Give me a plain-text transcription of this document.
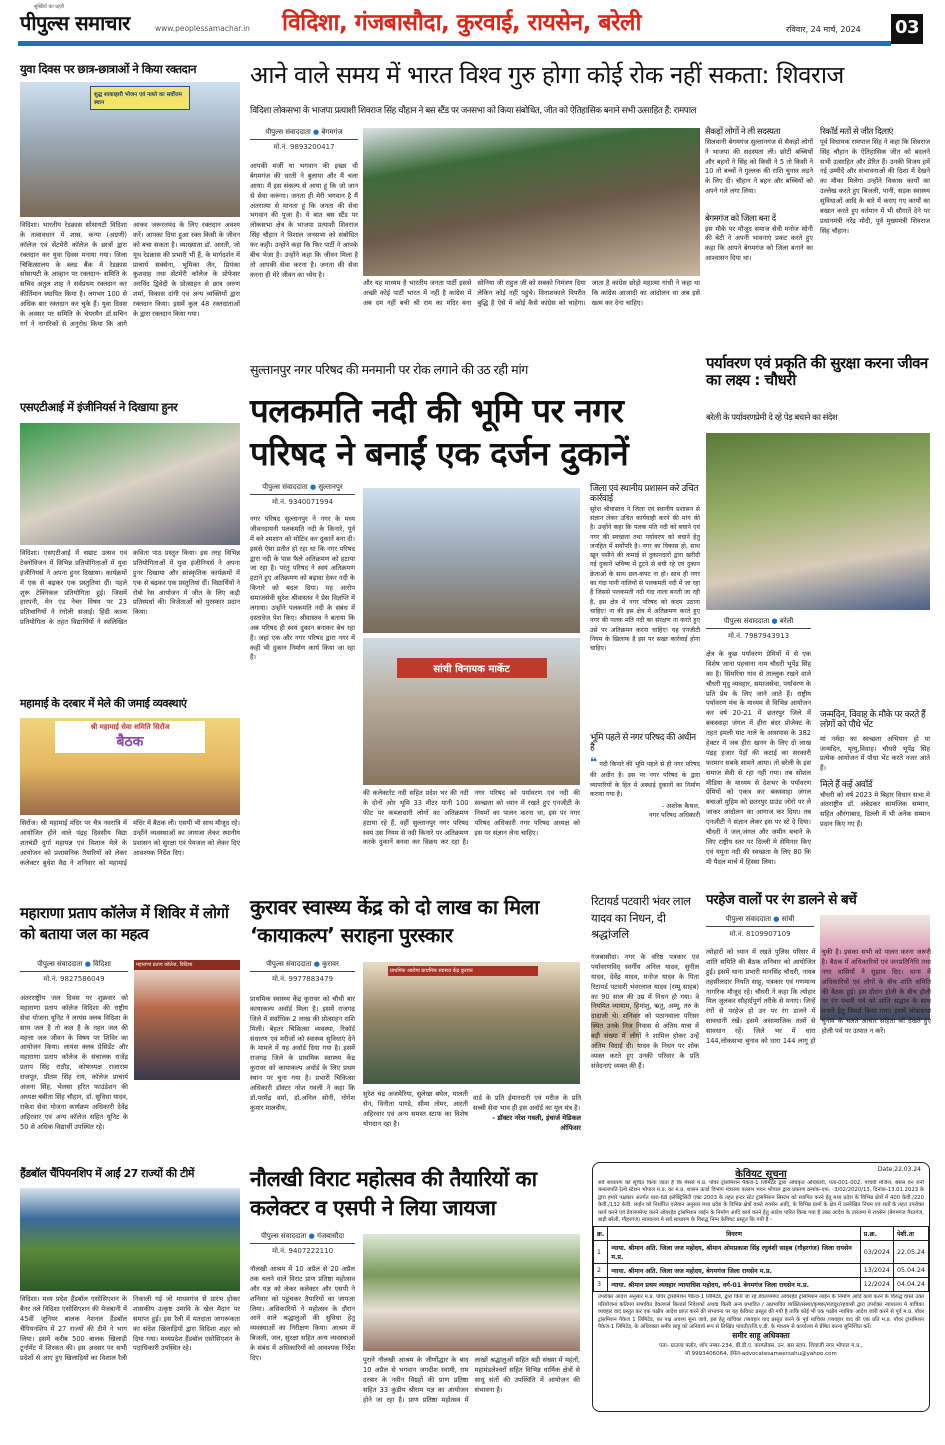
सुर्खियों का प्रहरी
पीपुल्स समाचार	www.peoplessamachar.in विदिशा, गंजबासौदा, कुरवाई, रायसेन, बरेली	रविवार, 24 मार्च, 2024 03
युवा दिवस पर छात्र-छात्राओं ने किया रक्तदान
शुद्ध शाकाहारी भोजन एवं नाश्ते का सर्वोत्तम स्थान
विदिशा। भारतीय रेडक्रास सोसायटी विदिशा के तत्वावधान में शास. कन्या (अग्रणी) कॉलेज एवं सेंटमेरी कॉलेज के छात्रों द्वारा रक्तदान कर युवा दिवस मनाया गया। जिला चिकित्सालय के ब्लड बैंक में रेडक्रास सोसायटी के आव्हान पर रक्तदान- समिति के सचिव अतुल शाह ने सर्वप्रथम रक्तदान कर कीर्तिमान स्थापित किया है। लगभग 100 से अधिक बार रक्तदान कर चुके हैं। युवा दिवस के अवसर पर समिति के चेयरमैन डॉ.सचिन गर्ग ने नागरिकों से अनुरोध किया कि आगे आकर जरूरतमंद के लिए रक्तदान अवश्य करें। आपका दिया हुआ रक्त किसी के जीवन को बचा सकता है। व्याख्याता डॉ. आरती, जो यूथ रेडक्रास की प्रभारी भी हैं, के मार्गदर्शन में प्राचार्य सक्सेना, भूमिका जैन, प्रियंका कुशवाह तथा सेंटमेरी कॉलेज के प्रोफेसर अरविंद द्विवेदी के प्रोत्साहन से छात्र अरुण शर्मा, विकास दांगी एवं अन्य व्यक्तियों द्वारा रक्तदान किया। इसमें कुल 48 रक्तदाताओं के द्वारा रक्तदान किया गया।
एसएटीआई में इंजीनियर्स ने दिखाया हुनर
विदिशा। एसएटीआई में सम्राट उत्सव एवं टेक्नोविजन में विभिन्न प्रतियोगिताओं में युवा इंजीनियर्स ने अपना हुनर दिखाया। कार्यक्रमों में एक से बढ़कर एक प्रस्तुतियां दीं। पहले शुरू टेक्निकल प्रतियोगिता हुई। जिसमें हारपनी, मेन एंड नेचर विषय पर 23 प्रतिभागियों ने रंगोली सजाई। हिंदी काव्य प्रतियोगिता के तहत विद्यार्थियों ने स्वलिखित कविता पाठ प्रस्तुत किया। इस तरह विभिन्न प्रतियोगिताओं में युवा इंजीनियर्स ने अपना हुनर दिखाया और सांस्कृतिक कार्यक्रमों में एक से बढ़कर एक प्रस्तुतियां दीं। विद्यार्थियों ने रोबो रेस आयोजन में जीत के लिए कड़ी प्रतिस्पर्धा की। विजेताओं को पुरस्कार प्रदान किया।
महामाई के दरबार में मेले की जमाई व्यवस्थाएं
श्री महामाई सेवा समिति सिरोंज
बैठक
सिरोंज। श्री महामाई मंदिर पर चैत्र नवरात्रि में आयोजित होने वाले पंद्रह दिवसीय विद्या शतचंडी दुर्गा महायज्ञ एवं विशाल मेले के आयोजन को प्रशासनिक तैयारियों को लेकर कलेक्टर बुधेश वैद्य ने शनिवार को महामाई मंदिर में बैठक ली। एसपी भी साथ मौजूद रहे। उन्होंने व्यवस्थाओं का जायजा लेकर स्थानीय प्रशासन को सुरक्षा एवं पेयजल को लेकर दिए आवश्यक निर्देश दिए।
आने वाले समय में भारत विश्व गुरु होगा कोई रोक नहीं सकता: शिवराज
विदिशा लोकसभा के भाजपा प्रत्याशी शिवराज सिंह चौहान ने बस स्टैंड पर जनसभा को किया संबोधित, जीत को ऐतिहासिक बनाने सभी उत्साहित हैं: रामपाल
पीपुल्स संवाददाता ● बेगमगंज
मो.नं. 9893200417
आपकी मर्जी या भगवान की इच्छा थी बेगमगंज की धरती ने बुलाया और मैं चला आया। मैं इस संकल्प से आया हूं कि जो जान से सेवा करूंगा। जनता ही मेरी भगवान है मैं अंतरात्मा से मानता हूं कि जनता की सेवा भगवान की पूजा है। ये बात बस स्टैंड पर लोकसभा क्षेत्र के भाजपा प्रत्याशी शिवराज सिंह चौहान ने विशाल जनसभा को संबोधित कर कही। उन्होंने कहा कि फिर पार्टी ने आपके बीच भेजा है। उन्होंने कहा कि जीवन मिला है तो आपकी सेवा करना है। जनता की सेवा करना ही मेरे जीवन का ध्येय है।
और यह माध्यम है भारतीय जनता पार्टी इससे अच्छी कोई पार्टी भारत में नहीं है कांग्रेस में अब दम नहीं बची श्री राम का मंदिर बना सोनिया जी राहुल जी को सबको निमंत्रण दिया लेकिन कोई नहीं पहुंचे। विनाशकाले विपरीत बुद्धि है ऐसे में कोई कैसे कांग्रेस को चाहेगा। जाता है कांग्रेस छोड़ो महात्मा गांधी ने कहा था कि कांग्रेस आजादी का आंदोलन था अब इसे खत्म कर देना चाहिए।
सैकड़ों लोगों ने ली सदस्यता
सिलवानी बेगमगंज सुल्तानगंज से सैकड़ों लोगों ने भाजपा की सदस्यता ली। छोटी बच्चियों और बहनों ने सिंह को किसी ने 5 तो किसी ने 10 तो बच्चों ने गुल्लक की राशि चुनाव लड़ने के लिए दी। चौहान ने बहन और बच्चियों को अपने गले लगा लिया।
बेगमगंज को जिला बना दें
इस मौके पर मौजूद समाज सेवी मनोज सोनी की बेटी ने अपनी भावनाएं प्रकट करते हुए कहा कि आपने बेगमगंज को जिला बनाने का आश्वासन दिया था।
रिकॉर्ड मतों से जीत दिलाएं
पूर्व विधायक रामपाल सिंह ने कहा कि शिवराज सिंह चौहान के ऐतिहासिक जीत को बदलने सभी उत्साहित और प्रेरित हैं। उनकी विजय हमें नई उम्मीदें और संभावनाओं की दिशा में देखने का मौका मिलेगा उन्होंने विकास कार्यों का उल्लेख करते हुए बिजली, पानी, सड़क स्वास्थ्य सुविधाओं आदि के बारे में कराए गए कार्यों का बखान करते हुए वर्तमान में भी सौगातें देने पर प्रधानमंत्री नरेंद्र मोदी, पूर्व मुख्यमंत्री शिवराज सिंह चौहान।
सुल्तानपुर नगर परिषद की मनमानी पर रोक लगाने की उठ रही मांग
पलकमति नदी की भूमि पर नगर परिषद ने बनाईं एक दर्जन दुकानें
पीपुल्स संवाददाता ● सुल्तानपुर
मो.नं. 9340071994
नगर परिषद सुल्तानपुर ने नगर के मध्य जीवनदायनी पलकमति नदी के किनारे, पूर्व में बने श्मशान को मोटिव कर दुकानें बना दी। इससे ऐसा प्रतीत हो रहा था कि नगर परिषद द्वारा नदी के पास फैले अतिक्रमण को हटाया जा रहा है। परंतु परिषद ने स्वयं अतिक्रमण हटाने हुए अतिक्रमण को बढ़ावा देकर नदी के किनारे को बदल दिया। यह आरोप समाजसेवी सुरेश श्रीवास्तव ने प्रेस विज्ञप्ति में लगाया। उन्होंने पलकमति नदी के संबंध में दस्तावेज पेश किए। श्रीवास्तव ने बताया कि अब परिषद ही स्वयं दुकान बनाकर बेच रहा है। जहां एक और नगर परिषद द्वारा नगर में कहीं भी दुकान निर्माण कार्य किया जा रहा है।
सांची विनायक मार्केट
की कलेक्टरेट नदी सहित प्रदेश भर की नदी के दोनों ओर भूमि 33 मीटर यानी 100 फीट पर कब्जाधारी लोगों का अतिक्रमण हटाया रहे हैं, वहीं सुल्तानपुर नगर परिषद स्वयं उस नियम से नदी किनारे पर अतिक्रमण करके दुकानें बनवा कर विक्रय कर रहा है। नगर परिषद को पर्यावरण एवं नदी की स्वच्छता को ध्यान में रखते हुए एनजीटी के नियमों का पालन करना था, इस पर नगर परिषद अधिकारी नगर परिषद अध्यक्ष को इस पर संज्ञान लेना चाहिए।
जिला एवं स्थानीय प्रशासन करे उचित कार्रवाई
सुरेश श्रीवास्तव ने जिला एवं स्थानीय प्रशासन से संज्ञान लेकर उचित कार्यवाही करने की मांग की है। उन्होंने कहा कि पलक मति नदी को बचाने एवं नगर की स्वच्छता तथा पर्यावरण को बचाने हेतु जनहित में सर्वोपरि है। नगर का विकास हो, साथ खून पसीने की कमाई से दुकानदारों द्वारा खरीदी गई दुकानें भविष्य में टूटने से बची रहे एवं दुकान क्रेताओं के साथ छल-कपट ना हो। साथ ही नगर का गंदा पानी नालियों से पलकमती नदी में जा रहा है जिससे पलकमती नदी गंदा नाला बनती जा रही है, इस क्षेत्र में नगर परिषद को कदम उठाना चाहिए! ना की इस क्षेत्र में अतिक्रमण करते हुए नगर की पलक मति नदी का संरक्षण ना करते हुए उसे पर अतिक्रमन करना चाहिए! यह एनजीटी नियम के खिलाफ है इस पर सख्त कार्रवाई होना चाहिए।
भूमि पहले से नगर परिषद की अधीन है
❝ नदी किनारे की भूमि पहले से ही नगर परिषद की अधीन है। इस पर नगर परिषद के द्वारा व्यापारियों के हित में अस्थाई दुकानों का निर्माण कराया गया है।
- अशोक कैथल,
नगर परिषद अधिकारी
पर्यावरण एवं प्रकृति की सुरक्षा करना जीवन का लक्ष्य : चौधरी
बरेली के पर्यावरणप्रेमी दे रहे पेड़ बचाने का संदेश
पीपुल्स संवाददाता ● बरेली
मो.नं. 7987943913
क्षेत्र के कुछ पर्यावरण प्रेमियों में से एक विशेष जाना पहचाना नाम चौधरी भूपेंद्र सिंह का है। सिमरिया गांव से ताल्लुक रखने वाले चौधरी मृदु व्यवहार, समाजसेवा, पर्यावरण के प्रति प्रेम के लिए जाने जाते हैं। राष्ट्रीय पर्यावरण मंच के माध्यम से विभिन्न आयोजन कर वर्ष 20-21 में छतरपुर जिले में बकस्वाहा जंगल में हीरा बंदर प्रोजेक्ट के तहत इमली घाट नाले के आसपास के 382 हेक्टर में जब हीरा खनन के लिए दो लाख पंद्रह हजार पेड़ों की कटाई का सरकारी फरमान सबके सामने आया। तो बरेली के इस समाज सेवी से रहा नहीं गया। तब सोशल मीडिया के माध्यम से देशभर के पर्यावरण प्रेमियों को एकत्र कर बकस्वाहा जंगल बचाओ मुहिम को छतरपुर ग्राउंड जोरो पर ले जाकर आंदोलन का आगाज कर दिया। तब एनजीटी ने संज्ञान लेकर इस पर स्टे दे दिया। चौधरी ने जल,जंगल और जमीन बचाने के लिए राष्ट्रीय स्तर पर दिल्ली मे सेमिनार किए एवं यमुना नदी की स्वच्छता के लिए 80 कि मी पैदल मार्च में हिस्सा लिया।
जन्मदिन, विवाह के मौके पर करते हैं लोगों को पौधे भेंट
मां नर्मदा का स्वच्छता अभियान हो या जन्मदिन, मृत्यु,विवाह। चौधरी भूपेंद्र सिंह प्रत्येक आयोजन में पौधा भेंट करते नजर आते हैं।
मिले हैं कई अवॉर्ड
चौधरी को वर्ष 2023 मे बिहार विधान सभा मे अंतराष्ट्रीय डॉ. अंबेडकर सामजिक सम्मान, सहित औरंगाबाद, दिल्ली में भी अनेक सम्मान प्रदान किए गए हैं।
महाराणा प्रताप कॉलेज में शिविर में लोगों को बताया जल का महत्व
पीपुल्स संवाददाता ● विदिशा
मो.नं. 9827586049
महाराणा प्रताप कॉलेज, विदिशा
अंतरराष्ट्रीय जल दिवस पर शुक्रवार को महाराणा प्रताप कॉलेज विदिशा की राष्ट्रीय सेवा योजना यूनिट ने लायंस क्लब विदिशा के साथ जल है तो कल है के तहत जल की महत्ता जल जीवन के विषय पर शिविर का आयोजन किया। लायंस क्लब प्रेसिडेंट और महाराणा प्रताप कॉलेज के संचालक राजेंद्र प्रताप सिंह राठौड़, कोषाध्यक्ष राजाराम राजपूत, प्रीतम सिंह राय, कॉलेज प्राचार्य अंजना सिंह, भेलसा हरित फाउंडेशन की अध्यक्ष बबीता सिंह चौहान, डॉ. सुविधा यादव, राकेश सेवा योजना कार्यक्रम अधिकारी देवेंद्र अहिरवार एवं अन्य कॉलेज सहित यूनिट के 50 से अधिक विद्यार्थी उपस्थित रहे।
कुरावर स्वास्थ्य केंद्र को दो लाख का मिला ‘कायाकल्प’ सराहना पुरस्कार
पीपुल्स संवाददाता ● कुरावर
मो.नं. 9977883479
प्राथमिक स्वास्थ्य केंद्र कुरावर को चौथी बार कायाकल्प अवॉर्ड मिला है। इसमें राजगढ़ जिले में सर्वाधिक 2 लाख की प्रोत्साहन राशि मिली। बेहतर चिकित्सा व्यवस्था, रिकॉर्ड संधारण एवं मरीजों को स्वास्थ्य सुविधाएं देने के मामले में यह अवॉर्ड दिया गया है। इसमें राजगढ़ जिले के प्राथमिक स्वास्थ्य केंद्र कुरावर को कायाकल्प अवॉर्ड के लिए प्रथम स्थान पर चुना गया है। प्रभारी चिकित्सा अधिकारी डॉक्टर नरेश गवली ने कहा कि डॉ.परमेंद्र वर्मा, डॉ.अनिल सोनी, योगेश कुमार मालवीय,
प्राथमिक आरोग्य प्राथमिक स्वास्थ्य केंद्र कुरावर
सुरेश चंद्र अजमेरिया, सुलेखा बघेल, मालती सेन, विनीता पाण्डे, सीमा तोमर, आरती अहिरवार एवं अन्य समस्त स्टाफ का विशेष योगदान रहा है।
वार्ड के प्रति ईमानदारी एवं मरीज के प्रति सच्ची सेवा भाव ही इस अवॉर्ड का मूल मंत्र है।
- डॉक्टर नरेश गवली, इंचार्ज मेडिकल ऑफिसर
रिटायर्ड पटवारी भंवर लाल यादव का निधन, दी श्रद्धांजलि
गंजबासौदा। नगर के वरिष्ठ पत्रकार एवं पर्यावरणविद् स्वर्गीय अनिल यादव, सुनील यादव, देवेंद्र यादव, मनोज यादव के पिता रिटायर्ड पटवारी भंवरलाल यादव (रम्मू साहब) का 90 साल की उम्र में निधन हो गया। वे नियमित व्यायाम, हिमांशु, ऋतु, अम्मू, तरु के दादाजी थे। शनिवार को पठानवाला परिसर स्थित उनके निज निवास से अंतिम यात्रा में बड़ी संख्या में लोगों ने शामिल होकर उन्हें अंतिम विदाई दी। यादव के निधन पर शोक व्यक्त करते हुए उनकी परिवार के प्रति संवेदनाएं व्यक्त की हैं।
परहेज वालों पर रंग डालने से बचें
पीपुल्स संवाददाता ● सांची
मो.नं. 8109907109
त्योहारों को ध्यान में रखते पुलिस परिसर में शांति समिति की बैठक शनिवार को आयोजित हुई। इसमें थाना प्रभारी मानसिंह चौधरी, नायब तहसीलदार नियति साहू, पत्रकार एवं गणमान्य नागरिक मौजूद रहे। चौधरी ने कहा कि त्योहार मिल जुलकर सौहार्दपूर्ण तरीके से मनाएं। जिन्हें रंगों से परहेज हो उन पर रंग डालने में सावधानी रखें। इसमें असामाजिक तत्वों से सावधान रहें। जिले भर में धारा 144,लोकसभा चुनाव को धारा 144 लागू हो चुकी है। इसका सभी को पालन करना जरूरी है। बैठक में अधिकारियों एवं जनप्रतिनिधि तथा नगर वासियों ने सुझाव दिए। थाना में अधिकारियों एवं लोगों के बीच शांति समिति की बैठक हुई। इस दौरान होली के बीच होली पर रंग पंचमी पर्व को शांति सद्भाव के साथ मनाने हेतु विमर्श किया गया। इसमें लोकसभा चुनाव के चलते आचार संहिता को देखते हुए होली पर्व पर उत्पात न करें।
हैंडबॉल चैंपियनशिप में आईं 27 राज्यों की टीमें
विदिशा। मध्य प्रदेश हैंडबॉल एसोसिएशन के बैनर तले विदिशा एसोसिएशन की मेजबानी में 45वीं जूनियर बालक नेशनल हैंडबॉल चैंपियनशिप में 27 राज्यों की टीमें ने भाग लिया। इसमें करीब 500 बालक खिलाड़ी टूर्नामेंट में शिरकत की। इस अवसर पर सभी प्रदेशों से आए हुए खिलाड़ियों का विशाल रैली निकाली गई जो माधवगंज से प्रारंभ होकर शासकीय उत्कृष्ट उमावि के खेल मैदान पर समाप्त हुई। इस रैली में मतदाता जागरूकता का संदेश खिलाड़ियों द्वारा विदिशा शहर को दिया गया। मध्यप्रदेश हैंडबॉल एसोसिएशन के पदाधिकारी उपस्थित रहे।
नौलखी विराट महोत्सव की तैयारियों का कलेक्टर व एसपी ने लिया जायजा
पीपुल्स संवाददाता ● गंजबासौदा
मो.नं. 9407222110
नौलखी आश्रम में 10 अप्रैल से 20 अप्रैल तक चलने वाले विराट प्राण प्रतिष्ठा महोत्सव और यज्ञ को लेकर कलेक्टर और एसपी ने शनिवार को पहुंचकर तैयारियों का जायजा लिया। अधिकारियों ने महोत्सव के दौरान आने वाले श्रद्धालुओं की सुविधा हेतु व्यवस्थाओं का निरीक्षण किया। आश्रम में बिजली, जल, सुरक्षा सहित अन्य व्यवस्थाओं के संबंध में अधिकारियों को आवश्यक निर्देश दिए।	पुराने नौलखी आश्रम के जीर्णोद्धार के बाद 10 अप्रैल से भगवान जगदीश स्वामी, राम दरबार के नवीन विग्रहों की प्राण प्रतिष्ठा सहित 33 कुंडीय श्रीराम यज्ञ का आयोजन होने जा रहा है। प्राण प्रतिष्ठा महोत्सव में लाखों श्रद्धालुओं सहित बड़ी संख्या में महंतों, महामंडलेश्वरों सहित विभिन्न धार्मिक क्षेत्रों से साधु संतों की उपस्थिति में आयोजन की संभावना है।
केवियट सूचना	Date:22.03.24
सर्व साधारण को सूचित किया जाता है कि मेसर्स म.प्र. पॉवर ट्रांसमिशन पैकेज-1 लिमिटेड द्वारा अधिकृत अधिकारी, पता-001-002, पांचवी मंजिल, बंसल वन रानी कमलापति रेल्वे स्टेशन भोपाल म.प्र. का म.प्र. शासन ऊर्जा विभाग मंत्रालय वल्लभ भवन भोपाल द्वारा प्रकरण क्रमांक-एफ. -3/02/2020/13, दिनांक-13.01.2023 के द्वारा हमारे पक्षकार अंतर्गत धारा-68 इलेक्ट्रिसिटी एक्ट 2003 के तहत इन्टर स्टेट ट्रांसमिशन सिस्टम को स्थापित करने हेतु मध्य प्रदेश के विभिन्न क्षेत्रों में 400 केवी./220 केवी./132 केवी. लाईन को निर्धारित एलेवान अनुसार मध्य प्रदेश के विभिन्न क्षेत्रों वास्ते रायसेन आदि, के विभिन्न ग्रामों के क्षेत्र में उल्लेखित नियम एवं शर्तों के तहत उपरोक्त कार्य करने एवं डेवलपमेण्ट करने ओवरहेड ट्रांसमिशन लाईन के निर्माण आदि कार्य करने हेतु आदेश पारित किया गया है उक्त आदेश के तारतम्य मे रायसेन (बेगमगंज गैरतगंज, बाड़ी बरेली, गौहरगंज) न्यायालय मे सर्व साधारण के विरुद्ध निम्न केवियट प्रस्तुत कि गयी है -
क्र.	विवरण	प्र.क्र.	पेशी.ता
1	न्याया. श्रीमान अति. जिला जज महोदय, श्रीमान ओमप्रकाश सिंह रघुवंशी साहब (गौहरगंज) जिला रायसेन म.प्र.	03/2024	22.05.24
2	न्याया. श्रीमान अति. जिला जज महोदय, बेगमगंज जिला रायसेन म.प्र.	13/2024	05.04.24
3	न्याया. श्रीमान प्रथम व्यवहार न्यायाधिश महोदय, वर्ग-01 बेगमगंज जिला रायसेन म.प्र.	12/2024	04.04.24
उपरोक्त आदेश अनुसार म.प्र. पॉवर ट्रांसमिशन पैकेज-1 लिमिटेड, द्वारा किये जा रहे डेवलपमेण्ट ओवरहेड ट्रांसमिशन लाईन के निर्माण आदि कार्य करने के विरुद्ध वास्ते उक्त परियोजना कतिपय संभावित डेवलपर्स बिल्डर्स निवेशकों अथवा किसी अन्य प्रभावित / अप्रभावित व्यक्ति/संस्था/कृषक/मजदूर/रहवासी द्वारा उपरोक्त न्यायालय मे याचिका व्यवहार वाद प्रस्तुत कर एक पक्षीय आदेश प्राप्त करने की संभावना पर यह केवियट प्रस्तुत की गयी है ताकि कोई भी एक पक्षीय न्यायिक आदेश जारी करने से पूर्व म.प्र. पॉवर ट्रांसमिशन पैकेज 1 लिमिटेड, का पक्ष अवश्य सुना जावे, इस हेतु याचिका /व्यवहार वाद प्रस्तुत करने के पूर्व याचिका /व्यवहार वाद की एक प्रति म.प्र. पॉवर ट्रांसमिशन पैकेज-1 लिमिटेड, के अधिवक्ता समीर साहू को अनिवार्य रूप से लिखित पावती/रजि.ए.डी. के माध्यम से कार्यालय मे प्रेषित करना सुनिश्चित करें।
समीर साहू अधिवक्ता
पता- ग्राउण्ड फ्लोर, शॉप नम्बर-234, बी.डी.ए. काम्प्लेक्स, उन. बस स्टाप, शिवाजी नगर भोपाल म.प्र.,
मो 9993406064, ईमेल-advocatesameersahu@yahoo.com
